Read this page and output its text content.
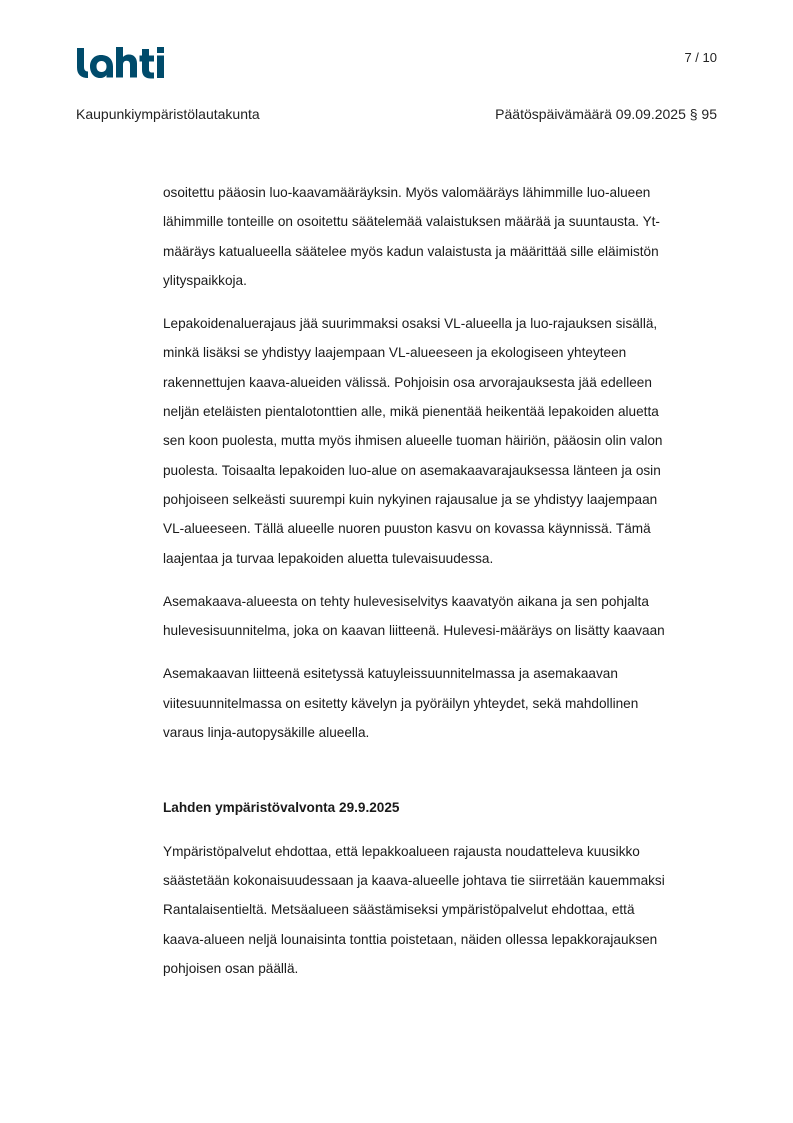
7 / 10
Kaupunkiympäristölautakunta	Päätöspäivämäärä 09.09.2025 § 95

osoitettu pääosin luo-kaavamääräyksin. Myös valomääräys lähimmille luo-alueen
lähimmille tonteille on osoitettu säätelemää valaistuksen määrää ja suuntausta. Yt-
määräys katualueella säätelee myös kadun valaistusta ja määrittää sille eläimistön
ylityspaikkoja.

Lepakoidenaluerajaus jää suurimmaksi osaksi VL-alueella ja luo-rajauksen sisällä,
minkä lisäksi se yhdistyy laajempaan VL-alueeseen ja ekologiseen yhteyteen
rakennettujen kaava-alueiden välissä. Pohjoisin osa arvorajauksesta jää edelleen
neljän eteläisten pientalotonttien alle, mikä pienentää heikentää lepakoiden aluetta
sen koon puolesta, mutta myös ihmisen alueelle tuoman häiriön, pääosin olin valon
puolesta. Toisaalta lepakoiden luo-alue on asemakaavarajauksessa länteen ja osin
pohjoiseen selkeästi suurempi kuin nykyinen rajausalue ja se yhdistyy laajempaan
VL-alueeseen. Tällä alueelle nuoren puuston kasvu on kovassa käynnissä. Tämä
laajentaa ja turvaa lepakoiden aluetta tulevaisuudessa.

Asemakaava-alueesta on tehty hulevesiselvitys kaavatyön aikana ja sen pohjalta
hulevesisuunnitelma, joka on kaavan liitteenä. Hulevesi-määräys on lisätty kaavaan

Asemakaavan liitteenä esitetyssä katuyleissuunnitelmassa ja asemakaavan
viitesuunnitelmassa on esitetty kävelyn ja pyöräilyn yhteydet, sekä mahdollinen
varaus linja-autopysäkille alueella.

Lahden ympäristövalvonta 29.9.2025

Ympäristöpalvelut ehdottaa, että lepakkoalueen rajausta noudatteleva kuusikko
säästetään kokonaisuudessaan ja kaava-alueelle johtava tie siirretään kauemmaksi
Rantalaisentieltä. Metsäalueen säästämiseksi ympäristöpalvelut ehdottaa, että
kaava-alueen neljä lounaisinta tonttia poistetaan, näiden ollessa lepakkorajauksen
pohjoisen osan päällä.
